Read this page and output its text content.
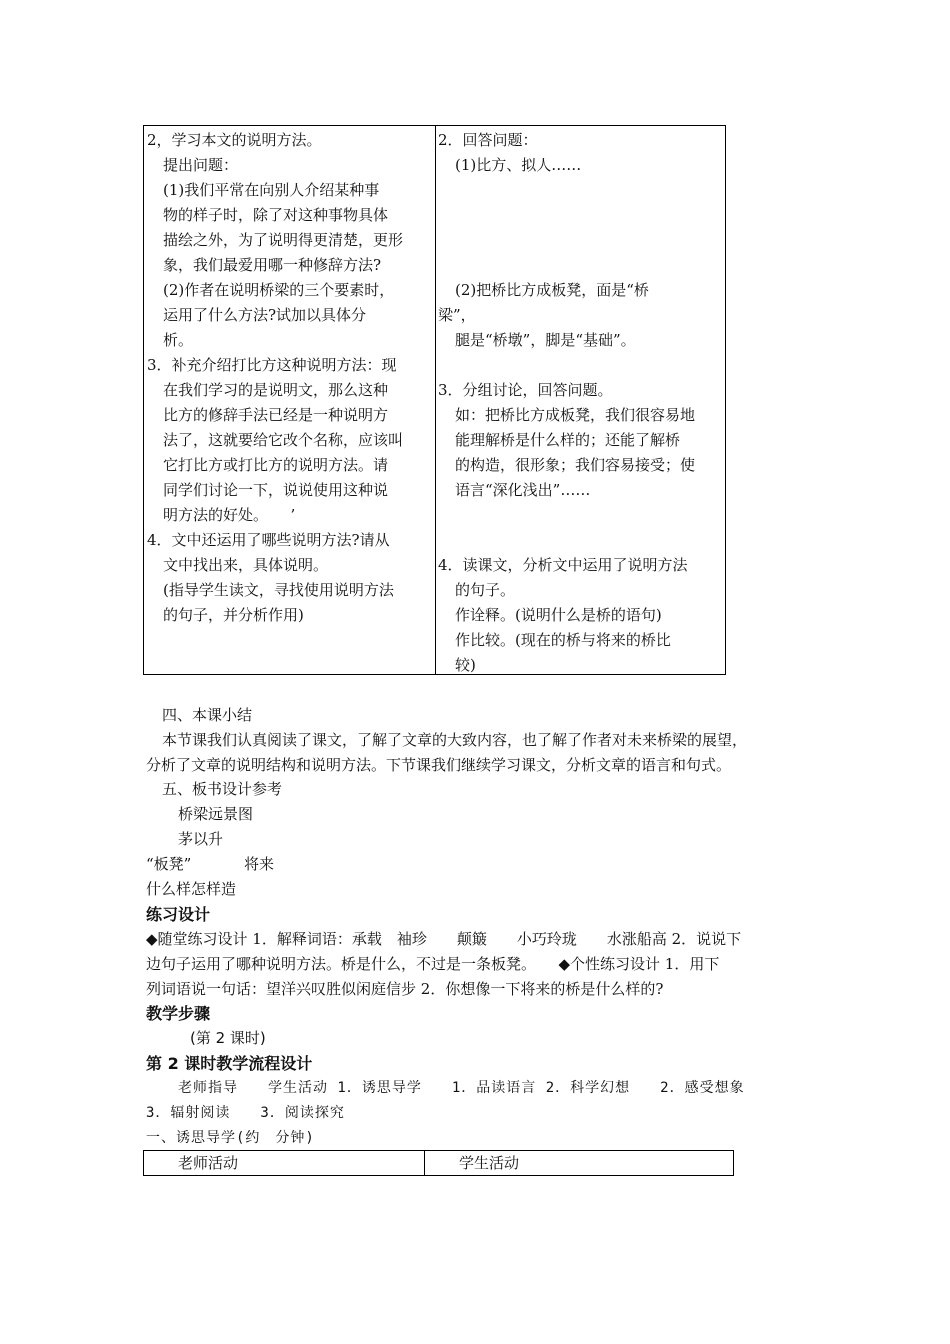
2，学习本文的说明方法。
提出问题：
(1)我们平常在向别人介绍某种事
物的样子时，除了对这种事物具体
描绘之外，为了说明得更清楚，更形
象，我们最爱用哪一种修辞方法?
(2)作者在说明桥梁的三个要素时，
运用了什么方法?试加以具体分
析。
3．补充介绍打比方这种说明方法：现
在我们学习的是说明文，那么这种
比方的修辞手法已经是一种说明方
法了，这就要给它改个名称，应该叫
它打比方或打比方的说明方法。请
同学们讨论一下，说说使用这种说
明方法的好处。　　’
4．文中还运用了哪些说明方法?请从
文中找出来，具体说明。
(指导学生读文，寻找使用说明方法
的句子，并分析作用)
2．回答问题：
(1)比方、拟人……
(2)把桥比方成板凳，面是“桥
梁”，
腿是“桥墩”，脚是“基础”。
3．分组讨论，回答问题。
如：把桥比方成板凳，我们很容易地
能理解桥是什么样的；还能了解桥
的构造，很形象；我们容易接受；使
语言“深化浅出”……
4．读课文，分析文中运用了说明方法
的句子。
作诠释。(说明什么是桥的语句)
作比较。(现在的桥与将来的桥比
较)
四、本课小结
本节课我们认真阅读了课文，了解了文章的大致内容，也了解了作者对未来桥梁的展望，
分析了文章的说明结构和说明方法。下节课我们继续学习课文，分析文章的语言和句式。
五、板书设计参考
桥梁远景图
茅以升
“板凳”	将来
什么样怎样造
练习设计
◆随堂练习设计 1．解释词语：承载　袖珍　　颠簸　　小巧玲珑　　水涨船高 2．说说下
边句子运用了哪种说明方法。桥是什么，不过是一条板凳。　　◆个性练习设计 1．用下
列词语说一句话：望洋兴叹胜似闲庭信步 2．你想像一下将来的桥是什么样的?
教学步骤
(第 2 课时)
第 2 课时教学流程设计
老师指导　　学生活动 1．诱思导学　　1．品读语言 2．科学幻想　　2．感受想象
3．辐射阅读　　3．阅读探究
一、诱思导学(约　分钟)
老师活动	学生活动
